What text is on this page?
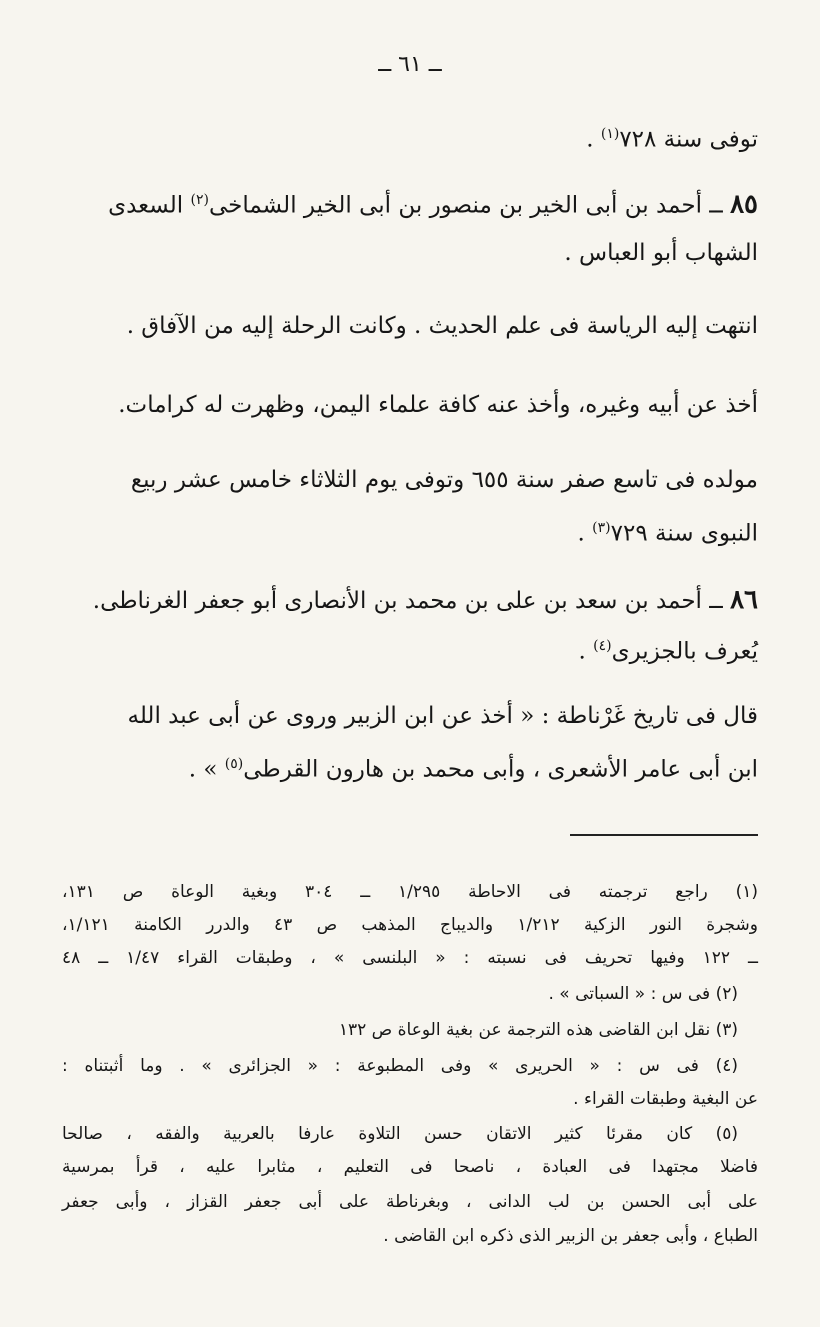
ــ ٦١ ــ
توفى سنة ٧٢٨$^{(١)}$ .
٨٥ ــ أحمد بن أبى الخير بن منصور بن أبى الخير الشماخى$^{(٢)}$ السعدى
الشهاب أبو العباس .
انتهت إليه الرياسة فى علم الحديث . وكانت الرحلة إليه من الآفاق .
أخذ عن أبيه وغيره، وأخذ عنه كافة علماء اليمن، وظهرت له كرامات.
مولده فى تاسع صفر سنة ٦٥٥ وتوفى يوم الثلاثاء خامس عشر ربيع
النبوى سنة ٧٢٩$^{(٣)}$ .
٨٦ ــ أحمد بن سعد بن على بن محمد بن الأنصارى أبو جعفر الغرناطى.
يُعرف بالجزيرى$^{(٤)}$ .
قال فى تاريخ غَرْناطة : « أخذ عن ابن الزبير وروى عن أبى عبد الله
ابن أبى عامر الأشعرى ، وأبى محمد بن هارون القرطى$^{(٥)}$ » .
(١) راجع ترجمته فى الاحاطة ١/٢٩٥ ــ ٣٠٤ وبغية الوعاة ص ١٣١،
وشجرة النور الزكية ١/٢١٢ والديباج المذهب ص ٤٣ والدرر الكامنة ١/١٢١،
ــ ١٢٢ وفيها تحريف فى نسبته : « البلنسى » ، وطبقات القراء ١/٤٧ ــ ٤٨
(٢) فى س : « السباتى » .
(٣) نقل ابن القاضى هذه الترجمة عن بغية الوعاة ص ١٣٢
(٤) فى س : « الحريرى » وفى المطبوعة : « الجزائرى » . وما أثبتناه :
عن البغية وطبقات القراء .
(٥) كان مقرئا كثير الاتقان حسن التلاوة عارفا بالعربية والفقه ، صالحا
فاضلا مجتهدا فى العبادة ، ناصحا فى التعليم ، مثابرا عليه ، قرأ بمرسية
على أبى الحسن بن لب الدانى ، وبغرناطة على أبى جعفر القزاز ، وأبى جعفر
الطباع ، وأبى جعفر بن الزبير الذى ذكره ابن القاضى .
